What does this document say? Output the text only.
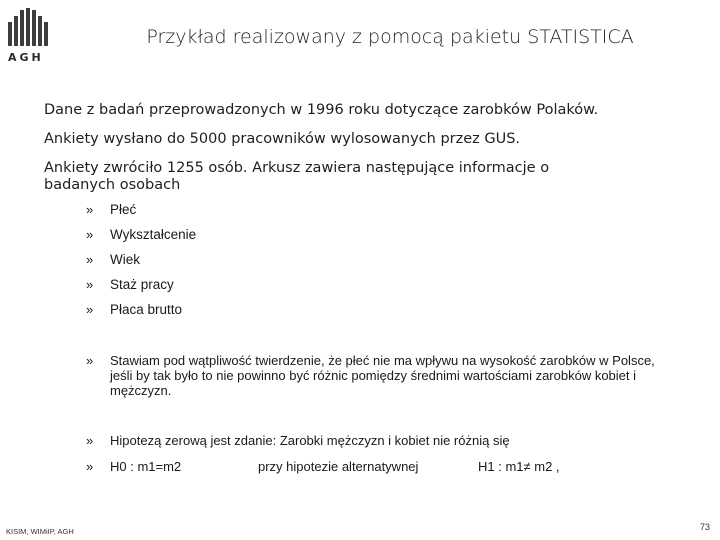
AGH
Przykład realizowany z pomocą pakietu STATISTICA
Dane z badań przeprowadzonych w 1996 roku dotyczące zarobków Polaków.
Ankiety wysłano do 5000 pracowników wylosowanych przez GUS.
Ankiety zwróciło 1255 osób. Arkusz zawiera następujące informacje o badanych osobach
»	Płeć
»	Wykształcenie
»	Wiek
»	Staż pracy
»	Płaca brutto
»	Stawiam pod wątpliwość twierdzenie, że płeć nie ma wpływu na wysokość zarobków w Polsce, jeśli by tak było to nie powinno być różnic pomiędzy średnimi wartościami zarobków kobiet i mężczyzn.
»	Hipotezą zerową jest zdanie: Zarobki mężczyzn i kobiet nie różnią się
»	H0 : m1=m2	przy hipotezie alternatywnej	H1 : m1≠ m2 ,
KISIM, WIMiIP, AGH	73
